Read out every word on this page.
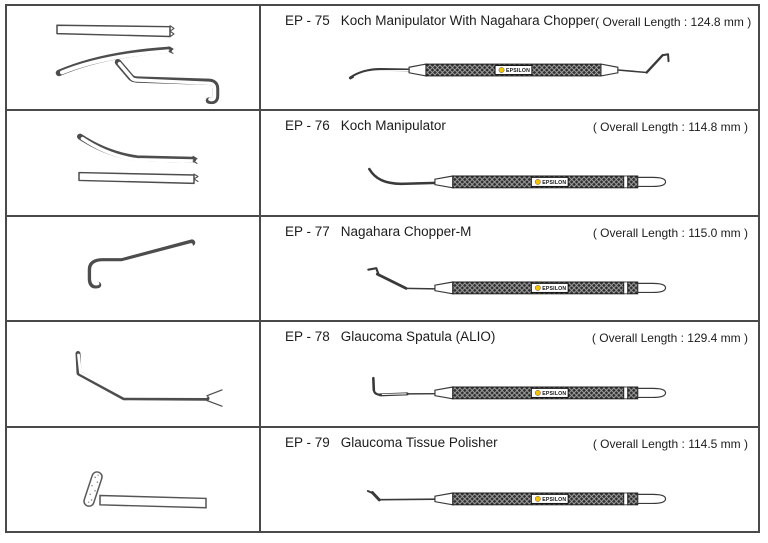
EP - 75 Koch Manipulator With Nagahara Chopper ( Overall Length : 124.8 mm )
EPSILON
EP - 76 Koch Manipulator	( Overall Length : 114.8 mm )
EP - 77 Nagahara Chopper-M	( Overall Length : 115.0 mm )
EP - 78 Glaucoma Spatula (ALIO)	( Overall Length : 129.4 mm )
EP - 79 Glaucoma Tissue Polisher	( Overall Length : 114.5 mm )
